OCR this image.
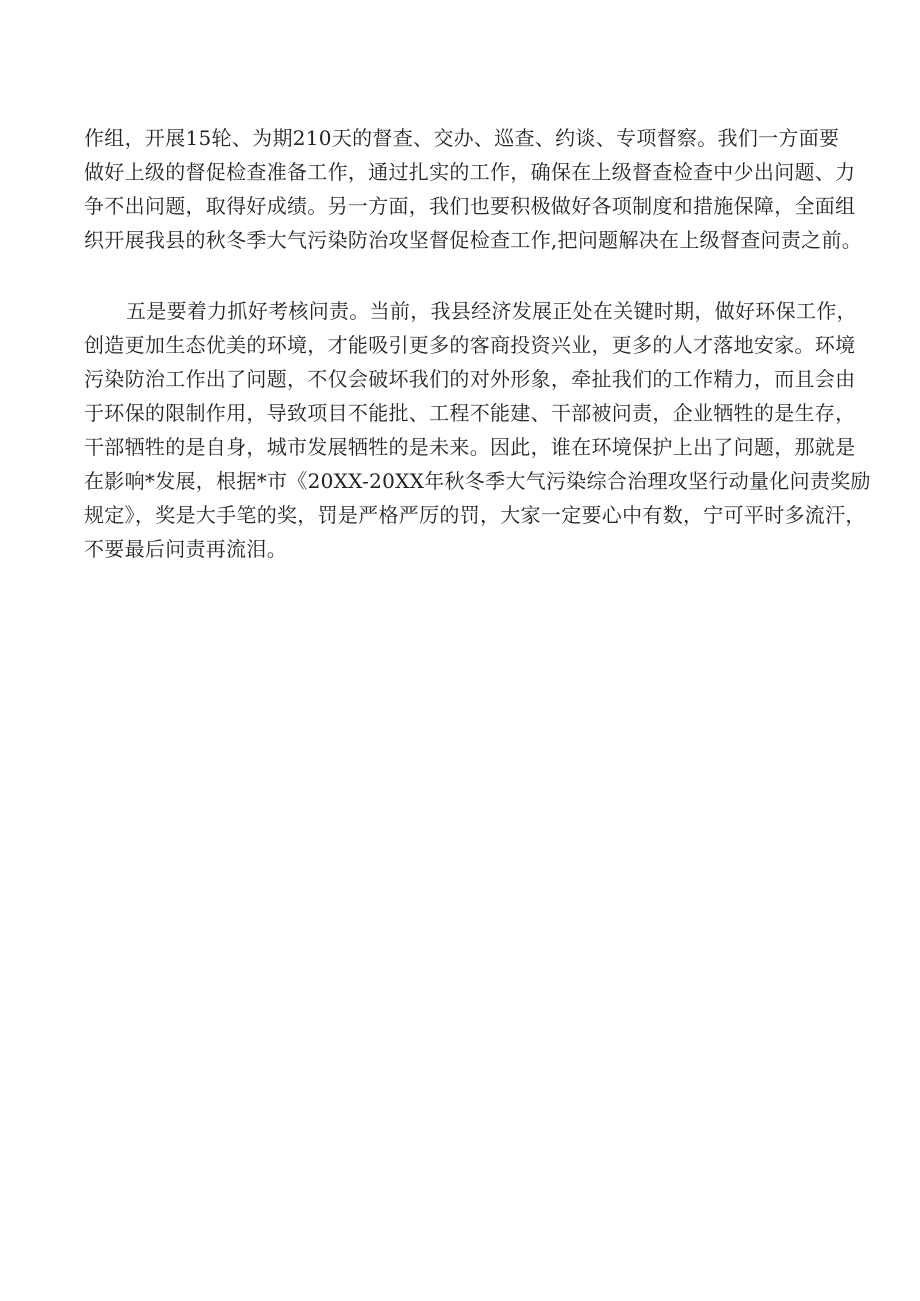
作组，开展15轮、为期210天的督查、交办、巡查、约谈、专项督察。我们一方面要
做好上级的督促检查准备工作，通过扎实的工作，确保在上级督查检查中少出问题、力
争不出问题，取得好成绩。另一方面，我们也要积极做好各项制度和措施保障，全面组
织开展我县的秋冬季大气污染防治攻坚督促检查工作,把问题解决在上级督查问责之前。
五是要着力抓好考核问责。当前，我县经济发展正处在关键时期，做好环保工作，
创造更加生态优美的环境，才能吸引更多的客商投资兴业，更多的人才落地安家。环境
污染防治工作出了问题，不仅会破坏我们的对外形象，牵扯我们的工作精力，而且会由
于环保的限制作用，导致项目不能批、工程不能建、干部被问责，企业牺牲的是生存，
干部牺牲的是自身，城市发展牺牲的是未来。因此，谁在环境保护上出了问题，那就是
在影响*发展，根据*市《20XX-20XX年秋冬季大气污染综合治理攻坚行动量化问责奖励
规定》，奖是大手笔的奖，罚是严格严厉的罚，大家一定要心中有数，宁可平时多流汗，
不要最后问责再流泪。
